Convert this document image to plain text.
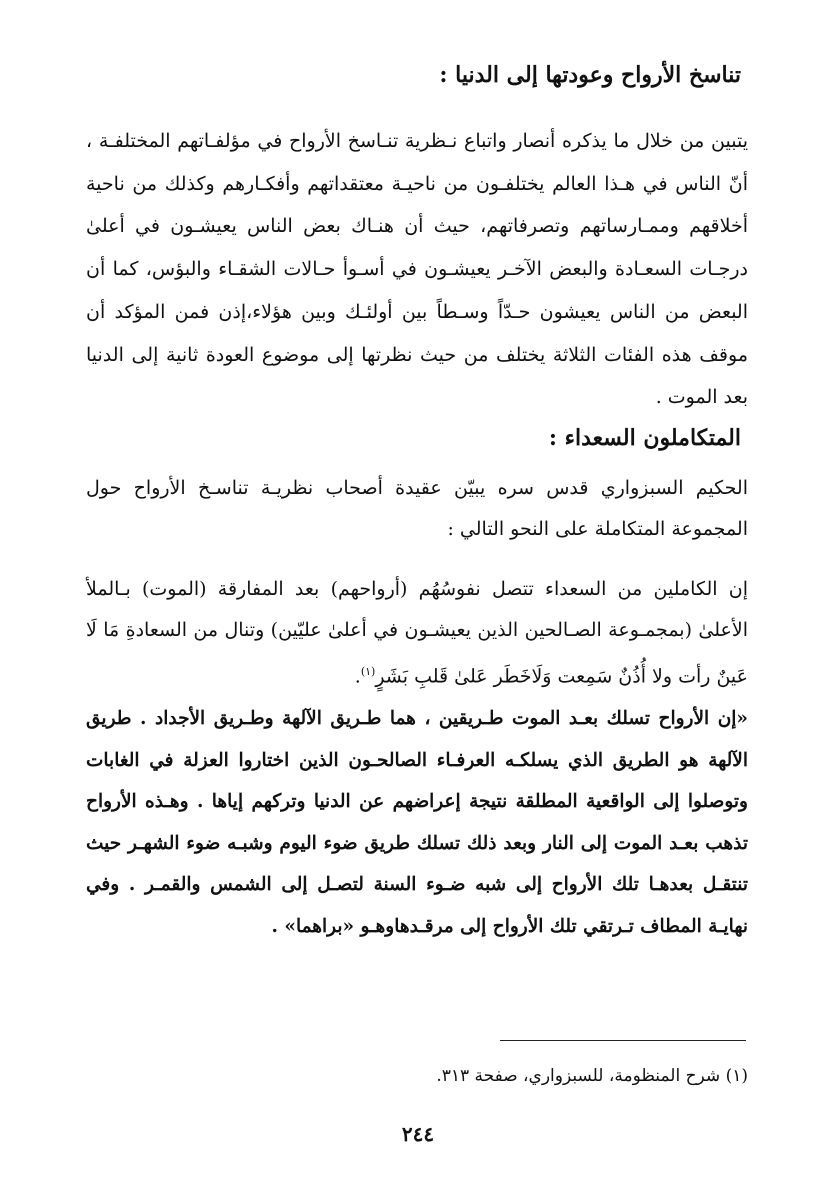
تناسخ الأرواح وعودتها إلى الدنيا :

يتبين من خلال ما يذكره أنصار واتباع نـظرية تنـاسخ الأرواح في مؤلفـاتهم المختلفـة ، أنّ الناس في هـذا العالم يختلفـون من ناحيـة معتقداتهم وأفكـارهم وكذلك من ناحية أخلاقهم وممـارساتهم وتصرفاتهم، حيث أن هنـاك بعض الناس يعيشـون في أعلىٰ درجـات السعـادة والبعض الآخـر يعيشـون في أسـوأ حـالات الشقـاء والبؤس، كما أن البعض من الناس يعيشون حـدّاً وسـطاً بين أولئـك وبين هؤلاء،إذن فمن المؤكد أن موقف هذه الفئات الثلاثة يختلف من حيث نظرتها إلى موضوع العودة ثانية إلى الدنيا بعد الموت .

المتكاملون السعداء :

الحكيم السبزواري قدس سره يبيّن عقيدة أصحاب نظريـة تناسـخ الأرواح حول المجموعة المتكاملة على النحو التالي :

إن الكاملين من السعداء تتصل نفوسُهُم (أرواحهم) بعد المفارقة (الموت) بـالملأ الأعلىٰ (بمجمـوعة الصـالحين الذين يعيشـون في أعلىٰ عليّين) وتنال من السعادةِ مَا لَا عَينٌ رأت ولا أُذُنٌ سَمِعت وَلَاخَطَر عَلىٰ قَلبِ بَشَرٍ$^{(١)}$.

«إن الأرواح تسلك بعـد الموت طـريقين ، هما طـريق الآلهة وطـريق الأجداد . طريق الآلهة هو الطريق الذي يسلكـه العرفـاء الصالحـون الذين اختاروا العزلة في الغابات وتوصلوا إلى الواقعية المطلقة نتيجة إعراضهم عن الدنيا وتركهم إياها . وهـذه الأرواح تذهب بعـد الموت إلى النار وبعد ذلك تسلك طريق ضوء اليوم وشبـه ضوء الشهـر حيث تنتقـل بعدهـا تلك الأرواح إلى شبه ضـوء السنة لتصـل إلى الشمس والقمـر . وفي نهايـة المطاف تـرتقي تلك الأرواح إلى مرقـدهاوهـو «براهما» .

(١) شرح المنظومة، للسبزواري، صفحة ٣١٣.

٢٤٤
